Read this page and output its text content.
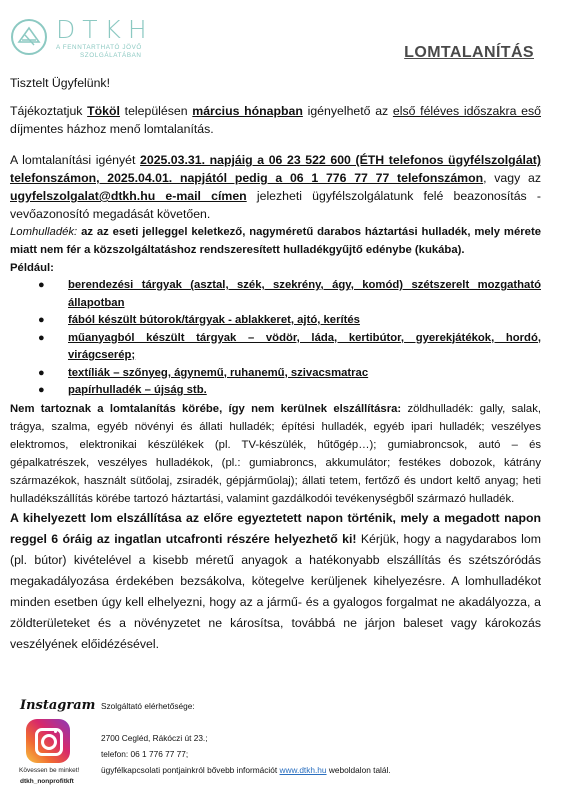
DTKH
A FENNTARTHATÓ JÖVŐ
SZOLGÁLATÁBAN	LOMTALANÍTÁS

Tisztelt Ügyfelünk!

Tájékoztatjuk Tököl településen március hónapban igényelhető az első féléves időszakra eső díjmentes házhoz menő lomtalanítás.

A lomtalanítási igényét 2025.03.31. napjáig a 06 23 522 600 (ÉTH telefonos ügyfélszolgálat) telefonszámon, 2025.04.01. napjától pedig a 06 1 776 77 77 telefonszámon, vagy az ugyfelszolgalat@dtkh.hu e-mail címen jelezheti ügyfélszolgálatunk felé beazonosítás - vevőazonosító megadását követően.

Lomhulladék: az az eseti jelleggel keletkező, nagyméretű darabos háztartási hulladék, mely mérete miatt nem fér a közszolgáltatáshoz rendszeresített hulladékgyűjtő edénybe (kukába).

Például:

● berendezési tárgyak (asztal, szék, szekrény, ágy, komód) szétszerelt mozgatható állapotban
● fából készült bútorok/tárgyak - ablakkeret, ajtó, kerítés
● műanyagból készült tárgyak – vödör, láda, kertibútor, gyerekjátékok, hordó, virágcserép;
● textíliák – szőnyeg, ágynemű, ruhanemű, szivacsmatrac
● papírhulladék – újság stb.

Nem tartoznak a lomtalanítás körébe, így nem kerülnek elszállításra: zöldhulladék: gally, salak, trágya, szalma, egyéb növényi és állati hulladék; építési hulladék, egyéb ipari hulladék; veszélyes elektromos, elektronikai készülékek (pl. TV-készülék, hűtőgép…); gumiabroncsok, autó – és gépalkatrészek, veszélyes hulladékok, (pl.: gumiabroncs, akkumulátor; festékes dobozok, kátrány származékok, használt sütőolaj, zsiradék, gépjárműolaj); állati tetem, fertőző és undort keltő anyag; heti hulladékszállítás körébe tartozó háztartási, valamint gazdálkodói tevékenységből származó hulladék.

A kihelyezett lom elszállítása az előre egyeztetett napon történik, mely a megadott napon reggel 6 óráig az ingatlan utcafronti részére helyezhető ki! Kérjük, hogy a nagydarabos lom (pl. bútor) kivételével a kisebb méretű anyagok a hatékonyabb elszállítás és szétszóródás megakadályozása érdekében bezsákolva, kötegelve kerüljenek kihelyezésre. A lomhulladékot minden esetben úgy kell elhelyezni, hogy az a jármű- és a gyalogos forgalmat ne akadályozza, a zöldterületeket és a növényzetet ne károsítsa, továbbá ne járjon baleset vagy károkozás veszélyének előidézésével.

Instagram
Kövessen be minket!
dtkh_nonprofitkft
Szolgáltató elérhetősége:
2700 Cegléd, Rákóczi út 23.;
telefon: 06 1 776 77 77;
ügyfélkapcsolati pontjainkról bővebb információt www.dtkh.hu weboldalon talál.
